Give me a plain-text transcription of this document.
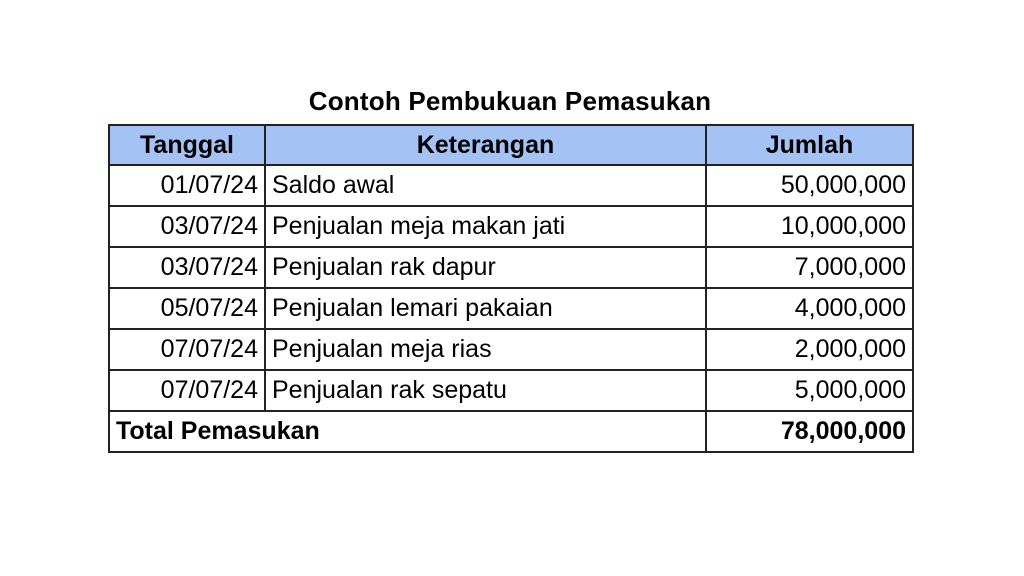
Contoh Pembukuan Pemasukan
Tanggal	Keterangan	Jumlah
01/07/24	Saldo awal	50,000,000
03/07/24	Penjualan meja makan jati	10,000,000
03/07/24	Penjualan rak dapur	7,000,000
05/07/24	Penjualan lemari pakaian	4,000,000
07/07/24	Penjualan meja rias	2,000,000
07/07/24	Penjualan rak sepatu	5,000,000
Total Pemasukan		78,000,000
